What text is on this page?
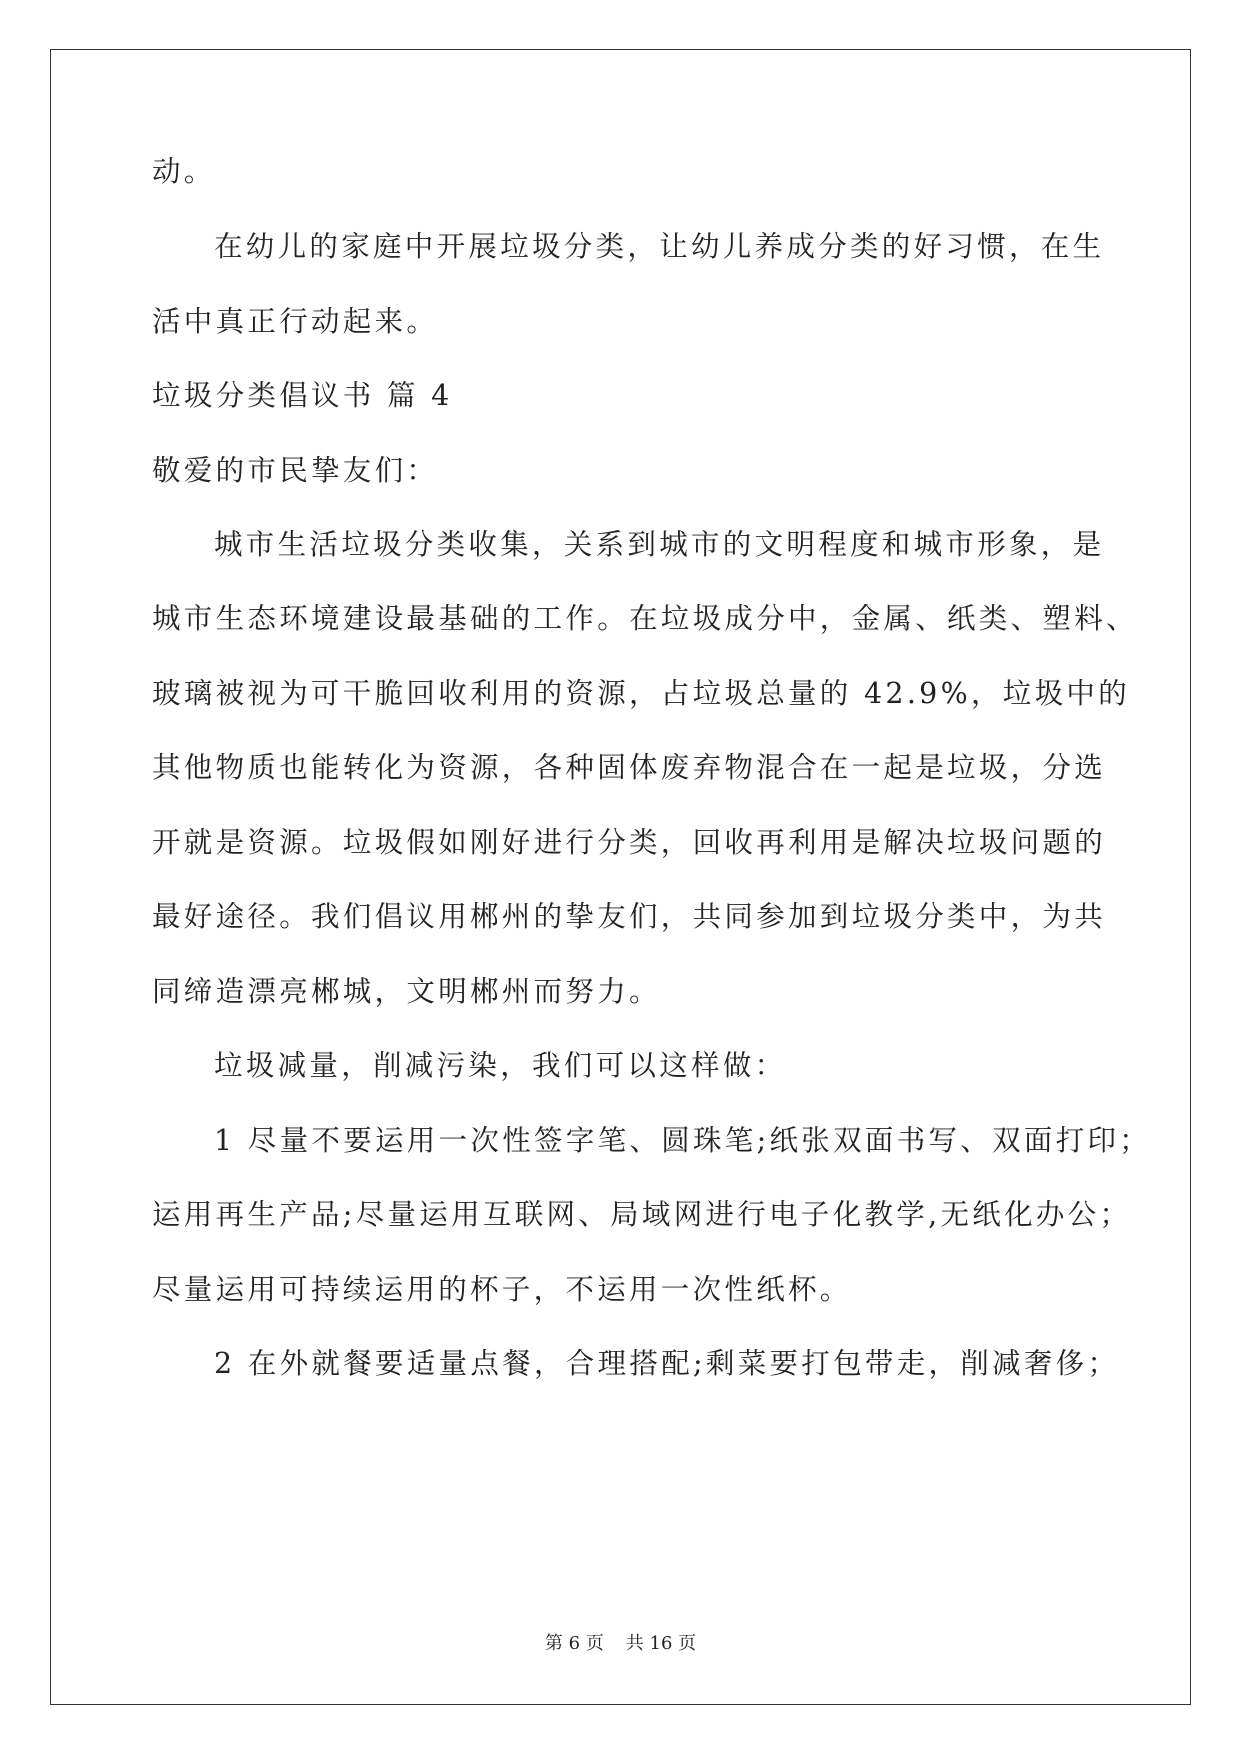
动。
在幼儿的家庭中开展垃圾分类，让幼儿养成分类的好习惯，在生
活中真正行动起来。
垃圾分类倡议书 篇 4
敬爱的市民挚友们：
城市生活垃圾分类收集，关系到城市的文明程度和城市形象，是
城市生态环境建设最基础的工作。在垃圾成分中，金属、纸类、塑料、
玻璃被视为可干脆回收利用的资源，占垃圾总量的 42.9%，垃圾中的
其他物质也能转化为资源，各种固体废弃物混合在一起是垃圾，分选
开就是资源。垃圾假如刚好进行分类，回收再利用是解决垃圾问题的
最好途径。我们倡议用郴州的挚友们，共同参加到垃圾分类中，为共
同缔造漂亮郴城，文明郴州而努力。
垃圾减量，削减污染，我们可以这样做：
1 尽量不要运用一次性签字笔、圆珠笔;纸张双面书写、双面打印；
运用再生产品;尽量运用互联网、局域网进行电子化教学,无纸化办公；
尽量运用可持续运用的杯子，不运用一次性纸杯。
2 在外就餐要适量点餐，合理搭配;剩菜要打包带走，削减奢侈；
第 6 页 共 16 页
